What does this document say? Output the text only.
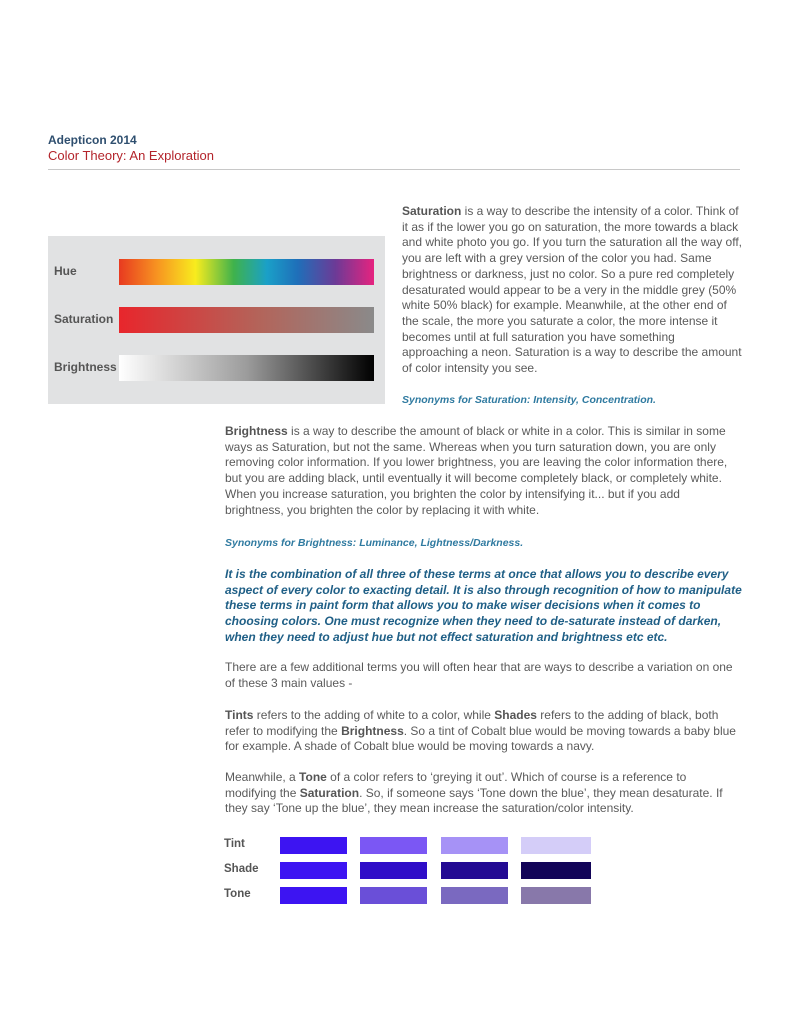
Adepticon 2014
Color Theory: An Exploration
Hue
Saturation
Brightness

Saturation is a way to describe the intensity of a color. Think of it as if the lower you go on saturation, the more towards a black and white photo you go. If you turn the saturation all the way off, you are left with a grey version of the color you had. Same brightness or darkness, just no color. So a pure red completely desaturated would appear to be a very in the middle grey (50% white 50% black) for example. Meanwhile, at the other end of the scale, the more you saturate a color, the more intense it becomes until at full saturation you have something approaching a neon. Saturation is a way to describe the amount of color intensity you see.

Synonyms for Saturation: Intensity, Concentration.

Brightness is a way to describe the amount of black or white in a color. This is similar in some ways as Saturation, but not the same. Whereas when you turn saturation down, you are only removing color information. If you lower brightness, you are leaving the color information there, but you are adding black, until eventually it will become completely black, or completely white. When you increase saturation, you brighten the color by intensifying it... but if you add brightness, you brighten the color by replacing it with white.

Synonyms for Brightness: Luminance, Lightness/Darkness.

It is the combination of all three of these terms at once that allows you to describe every aspect of every color to exacting detail. It is also through recognition of how to manipulate these terms in paint form that allows you to make wiser decisions when it comes to choosing colors. One must recognize when they need to de-saturate instead of darken, when they need to adjust hue but not effect saturation and brightness etc etc.

There are a few additional terms you will often hear that are ways to describe a variation on one of these 3 main values -

Tints refers to the adding of white to a color, while Shades refers to the adding of black, both refer to modifying the Brightness. So a tint of Cobalt blue would be moving towards a baby blue for example. A shade of Cobalt blue would be moving towards a navy.

Meanwhile, a Tone of a color refers to ‘greying it out’. Which of course is a reference to modifying the Saturation. So, if someone says ‘Tone down the blue’, they mean desaturate. If they say ‘Tone up the blue’, they mean increase the saturation/color intensity.

Tint
Shade
Tone
